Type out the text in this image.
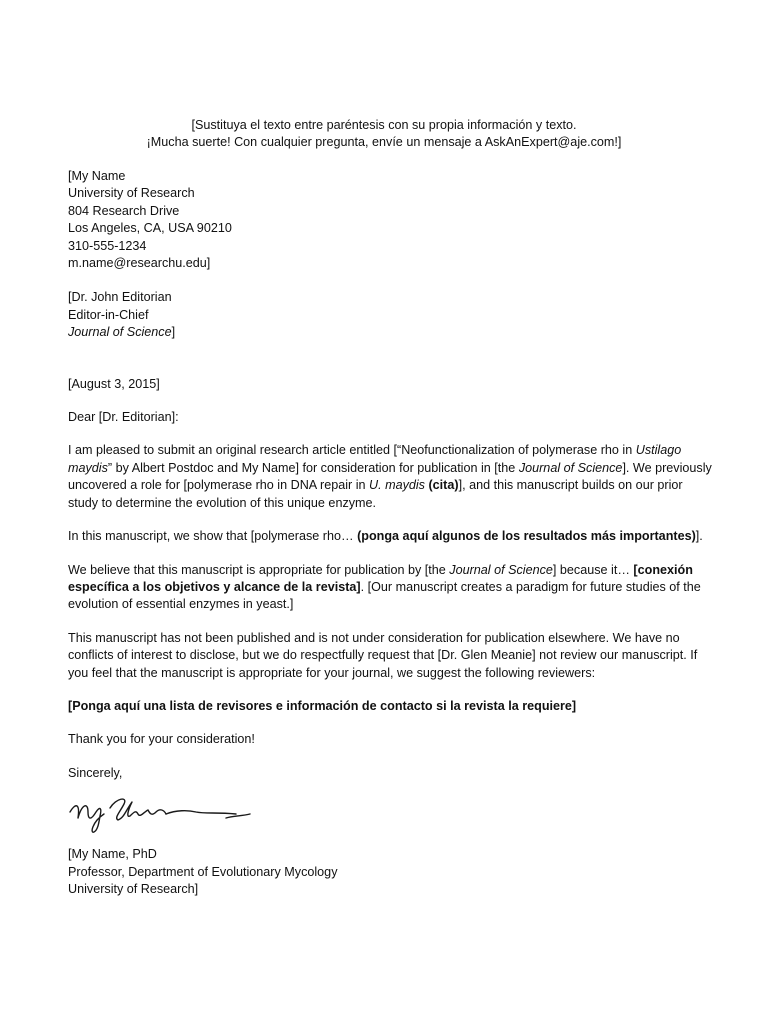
[Sustituya el texto entre paréntesis con su propia información y texto.
¡Mucha suerte! Con cualquier pregunta, envíe un mensaje a AskAnExpert@aje.com!]
[My Name
University of Research
804 Research Drive
Los Angeles, CA, USA 90210
310-555-1234
m.name@researchu.edu]
[Dr. John Editorian
Editor-in-Chief
Journal of Science]
[August 3, 2015]
Dear [Dr. Editorian]:
I am pleased to submit an original research article entitled [“Neofunctionalization of polymerase rho in Ustilago
maydis” by Albert Postdoc and My Name] for consideration for publication in [the Journal of Science]. We previously
uncovered a role for [polymerase rho in DNA repair in U. maydis (cita)], and this manuscript builds on our prior
study to determine the evolution of this unique enzyme.
In this manuscript, we show that [polymerase rho… (ponga aquí algunos de los resultados más importantes)].
We believe that this manuscript is appropriate for publication by [the Journal of Science] because it… [conexión
específica a los objetivos y alcance de la revista]. [Our manuscript creates a paradigm for future studies of the
evolution of essential enzymes in yeast.]
This manuscript has not been published and is not under consideration for publication elsewhere. We have no
conflicts of interest to disclose, but we do respectfully request that [Dr. Glen Meanie] not review our manuscript. If
you feel that the manuscript is appropriate for your journal, we suggest the following reviewers:
[Ponga aquí una lista de revisores e información de contacto si la revista la requiere]
Thank you for your consideration!
Sincerely,
[My Name, PhD
Professor, Department of Evolutionary Mycology
University of Research]
